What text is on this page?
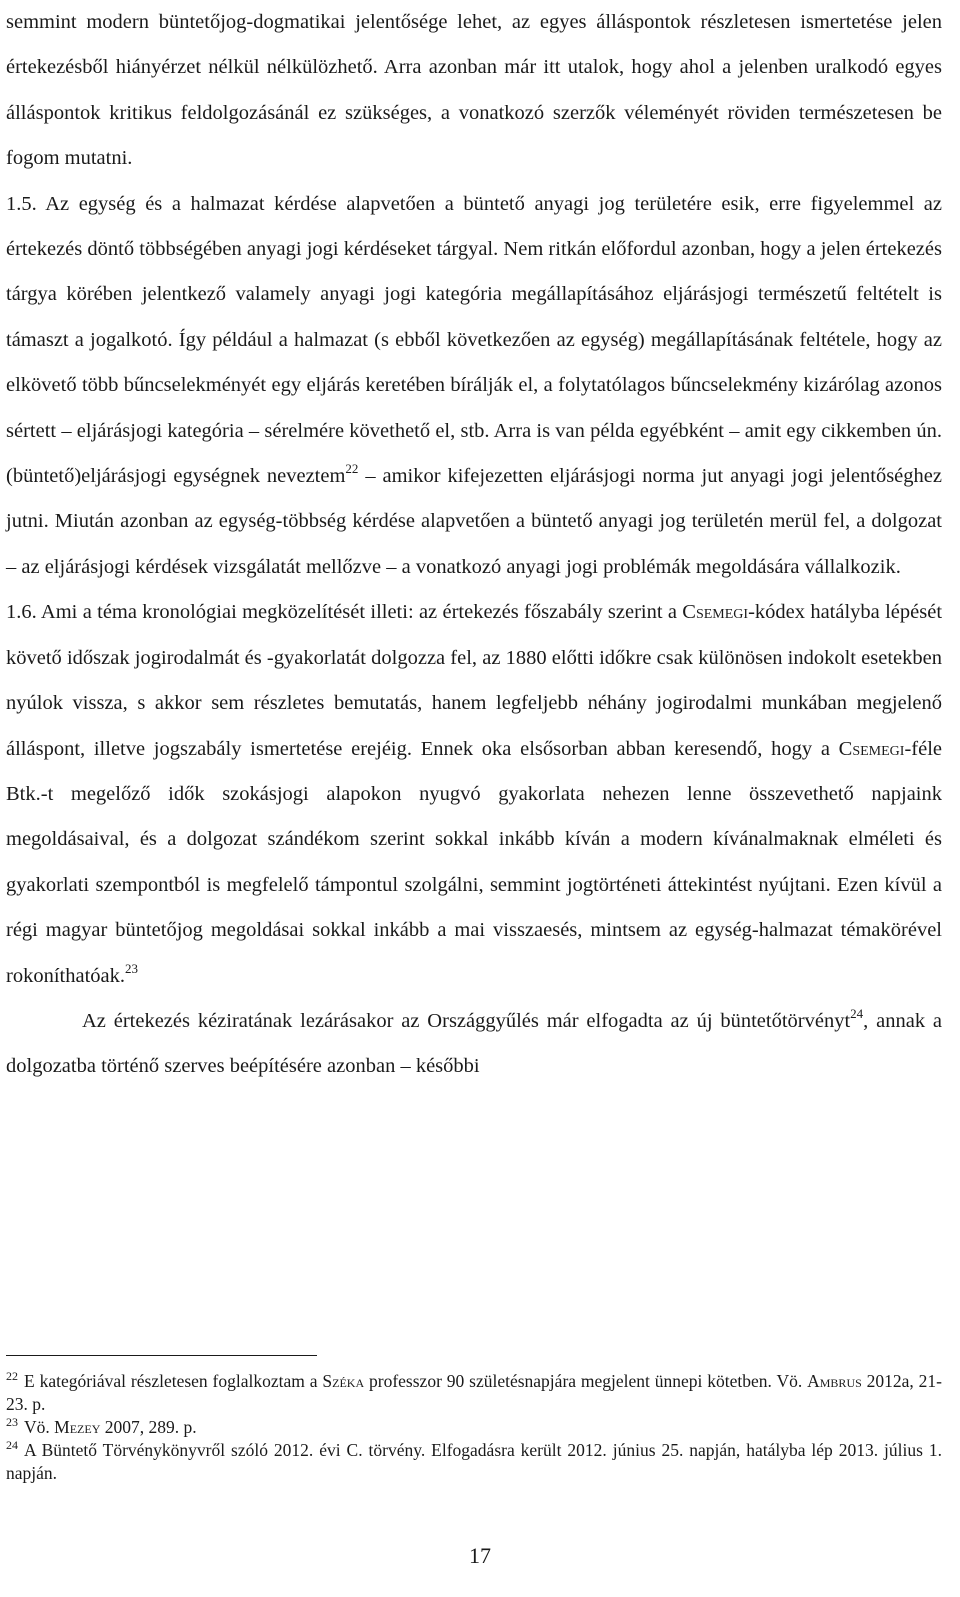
semmint modern büntetőjog-dogmatikai jelentősége lehet, az egyes álláspontok részletesen ismertetése jelen értekezésből hiányérzet nélkül nélkülözhető. Arra azonban már itt utalok, hogy ahol a jelenben uralkodó egyes álláspontok kritikus feldolgozásánál ez szükséges, a vonatkozó szerzők véleményét röviden természetesen be fogom mutatni.

1.5. Az egység és a halmazat kérdése alapvetően a büntető anyagi jog területére esik, erre figyelemmel az értekezés döntő többségében anyagi jogi kérdéseket tárgyal. Nem ritkán előfordul azonban, hogy a jelen értekezés tárgya körében jelentkező valamely anyagi jogi kategória megállapításához eljárásjogi természetű feltételt is támaszt a jogalkotó. Így például a halmazat (s ebből következően az egység) megállapításának feltétele, hogy az elkövető több bűncselekményét egy eljárás keretében bírálják el, a folytatólagos bűncselekmény kizárólag azonos sértett – eljárásjogi kategória – sérelmére követhető el, stb. Arra is van példa egyébként – amit egy cikkemben ún. (büntető)eljárásjogi egységnek neveztem$^{22}$ – amikor kifejezetten eljárásjogi norma jut anyagi jogi jelentőséghez jutni. Miután azonban az egység-többség kérdése alapvetően a büntető anyagi jog területén merül fel, a dolgozat – az eljárásjogi kérdések vizsgálatát mellőzve – a vonatkozó anyagi jogi problémák megoldására vállalkozik.

1.6. Ami a téma kronológiai megközelítését illeti: az értekezés főszabály szerint a Csemegi-kódex hatályba lépését követő időszak jogirodalmát és -gyakorlatát dolgozza fel, az 1880 előtti időkre csak különösen indokolt esetekben nyúlok vissza, s akkor sem részletes bemutatás, hanem legfeljebb néhány jogirodalmi munkában megjelenő álláspont, illetve jogszabály ismertetése erejéig. Ennek oka elsősorban abban keresendő, hogy a Csemegi-féle Btk.-t megelőző idők szokásjogi alapokon nyugvó gyakorlata nehezen lenne összevethető napjaink megoldásaival, és a dolgozat szándékom szerint sokkal inkább kíván a modern kívánalmaknak elméleti és gyakorlati szempontból is megfelelő támpontul szolgálni, semmint jogtörténeti áttekintést nyújtani. Ezen kívül a régi magyar büntetőjog megoldásai sokkal inkább a mai visszaesés, mintsem az egység-halmazat témakörével rokoníthatóak.$^{23}$

Az értekezés kéziratának lezárásakor az Országgyűlés már elfogadta az új büntetőtörvényt$^{24}$, annak a dolgozatba történő szerves beépítésére azonban – későbbi

$^{22}$ E kategóriával részletesen foglalkoztam a Széka professzor 90 születésnapjára megjelent ünnepi kötetben. Vö. Ambrus 2012a, 21-23. p.

$^{23}$ Vö. Mezey 2007, 289. p.

$^{24}$ A Büntető Törvénykönyvről szóló 2012. évi C. törvény. Elfogadásra került 2012. június 25. napján, hatályba lép 2013. július 1. napján.

17
